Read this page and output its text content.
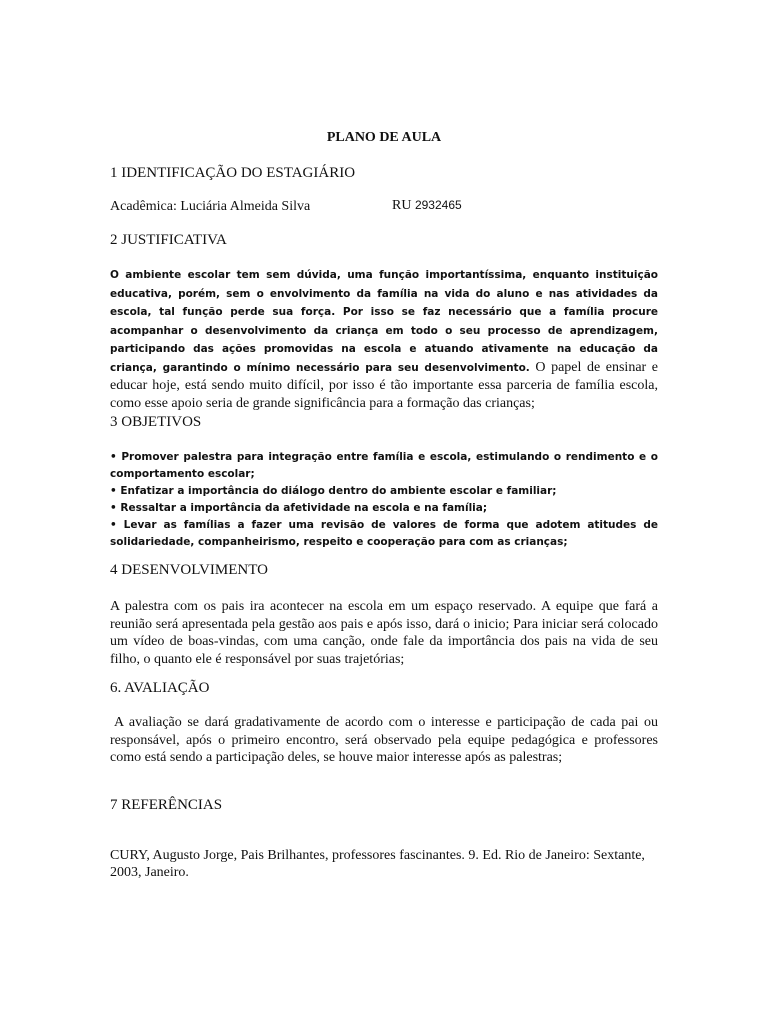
PLANO DE AULA
1 IDENTIFICAÇÃO DO ESTAGIÁRIO
Acadêmica: Luciária Almeida Silva	RU 2932465
2 JUSTIFICATIVA
O ambiente escolar tem sem dúvida, uma função importantíssima, enquanto instituição educativa, porém, sem o envolvimento da família na vida do aluno e nas atividades da escola, tal função perde sua força. Por isso se faz necessário que a família procure acompanhar o desenvolvimento da criança em todo o seu processo de aprendizagem, participando das ações promovidas na escola e atuando ativamente na educação da criança, garantindo o mínimo necessário para seu desenvolvimento. O papel de ensinar e educar hoje, está sendo muito difícil, por isso é tão importante essa parceria de família escola, como esse apoio seria de grande significância para a formação das crianças;
3 OBJETIVOS
• Promover palestra para integração entre família e escola, estimulando o rendimento e o comportamento escolar;
• Enfatizar a importância do diálogo dentro do ambiente escolar e familiar;
• Ressaltar a importância da afetividade na escola e na família;
• Levar as famílias a fazer uma revisão de valores de forma que adotem atitudes de solidariedade, companheirismo, respeito e cooperação para com as crianças;
4 DESENVOLVIMENTO
A palestra com os pais ira acontecer na escola em um espaço reservado. A equipe que fará a reunião será apresentada pela gestão aos pais e após isso, dará o inicio; Para iniciar será colocado um vídeo de boas-vindas, com uma canção, onde fale da importância dos pais na vida de seu filho, o quanto ele é responsável por suas trajetórias;
6. AVALIAÇÃO
A avaliação se dará gradativamente de acordo com o interesse e participação de cada pai ou responsável, após o primeiro encontro, será observado pela equipe pedagógica e professores como está sendo a participação deles, se houve maior interesse após as palestras;
7 REFERÊNCIAS
CURY, Augusto Jorge, Pais Brilhantes, professores fascinantes. 9. Ed. Rio de Janeiro: Sextante, 2003, Janeiro.
